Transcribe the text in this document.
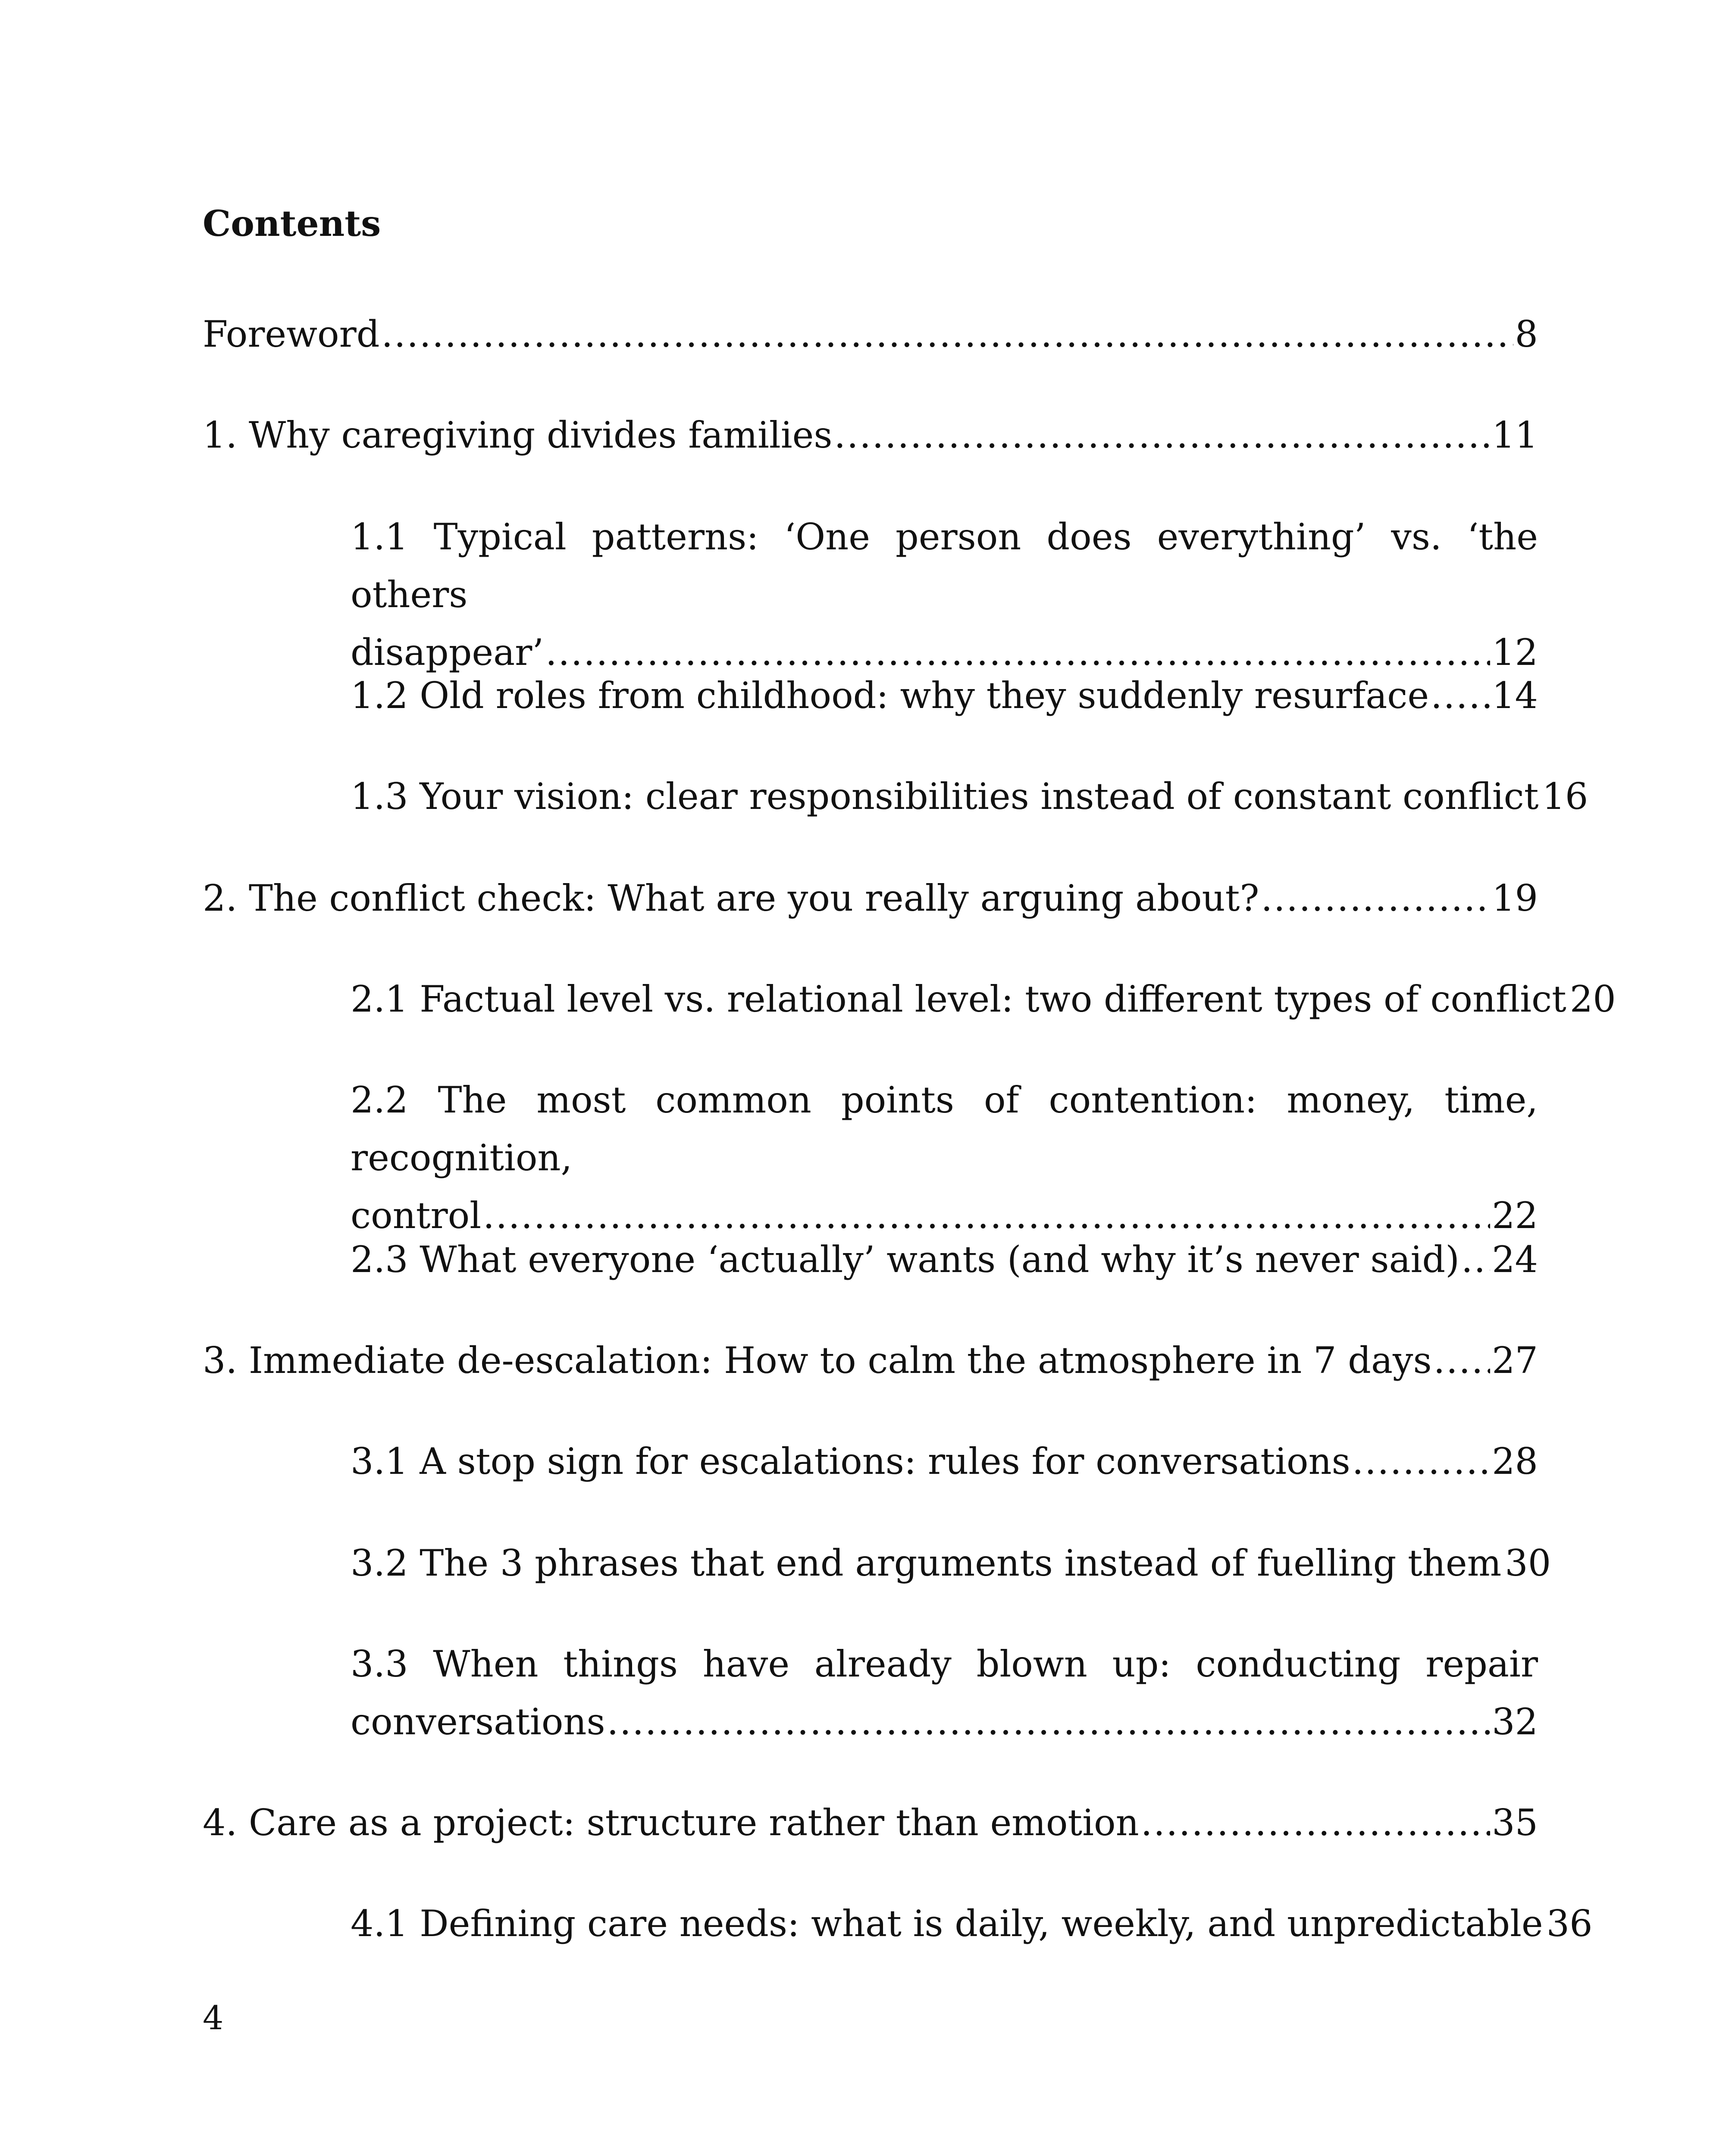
Contents
Foreword . . .	8
1. Why caregiving divides families . . .	11
1.1 Typical patterns: ‘One person does everything’ vs. ‘the others
disappear’ . . .	12
1.2 Old roles from childhood: why they suddenly resurface . . . 14
1.3 Your vision: clear responsibilities instead of constant conflict 16
2. The conflict check: What are you really arguing about? . . .	19
2.1 Factual level vs. relational level: two different types of conflict 20
2.2 The most common points of contention: money, time, recognition,
control . . .	22
2.3 What everyone ‘actually’ wants (and why it’s never said) . . . 24
3. Immediate de-escalation: How to calm the atmosphere in 7 days . . . 27
3.1 A stop sign for escalations: rules for conversations . . .	28
3.2 The 3 phrases that end arguments instead of fuelling them 30
3.3 When things have already blown up: conducting repair
conversations . . .	32
4. Care as a project: structure rather than emotion . . .	35
4.1 Defining care needs: what is daily, weekly, and unpredictable 36
4
